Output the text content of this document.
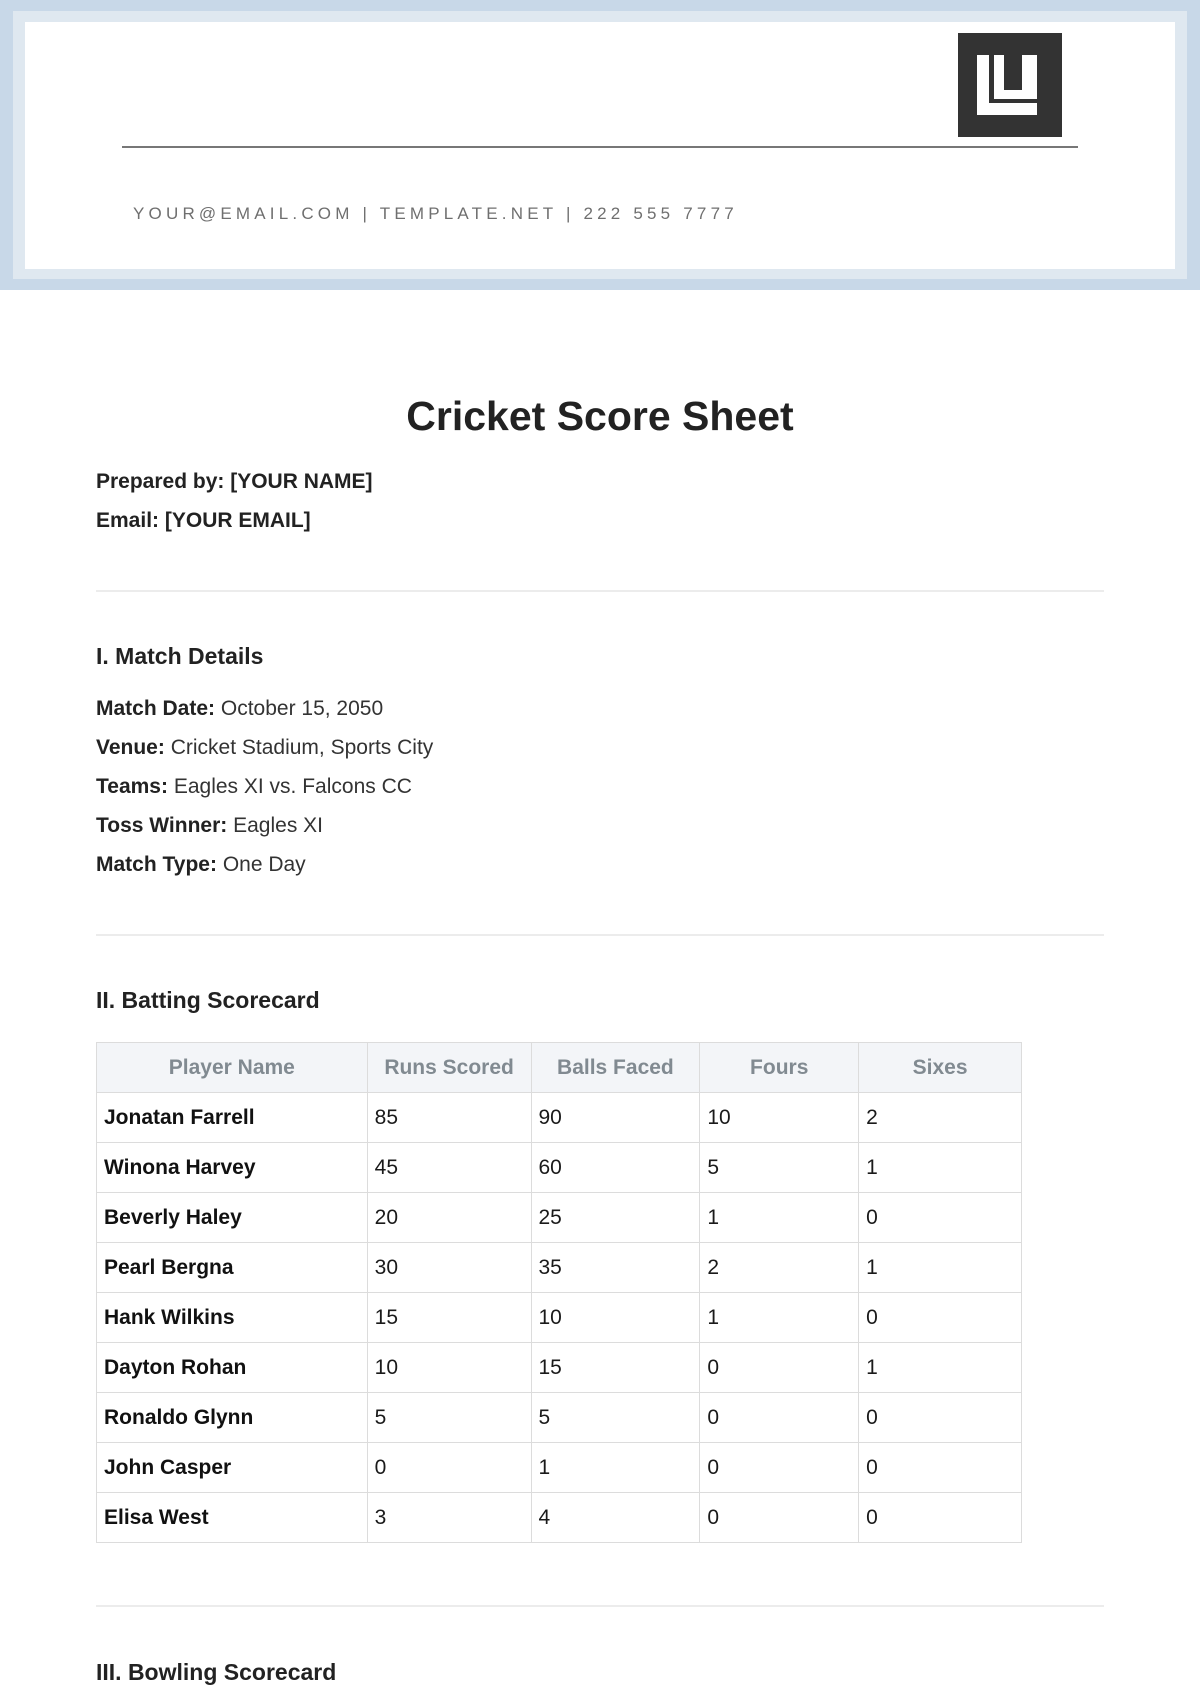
YOUR@EMAIL.COM | TEMPLATE.NET | 222 555 7777
Cricket Score Sheet
Prepared by: [YOUR NAME]
Email: [YOUR EMAIL]
I. Match Details
Match Date: October 15, 2050
Venue: Cricket Stadium, Sports City
Teams: Eagles XI vs. Falcons CC
Toss Winner: Eagles XI
Match Type: One Day
II. Batting Scorecard
Player Name	Runs Scored	Balls Faced	Fours	Sixes
Jonatan Farrell	85	90	10	2
Winona Harvey	45	60	5	1
Beverly Haley	20	25	1	0
Pearl Bergna	30	35	2	1
Hank Wilkins	15	10	1	0
Dayton Rohan	10	15	0	1
Ronaldo Glynn	5	5	0	0
John Casper	0	1	0	0
Elisa West	3	4	0	0
III. Bowling Scorecard
